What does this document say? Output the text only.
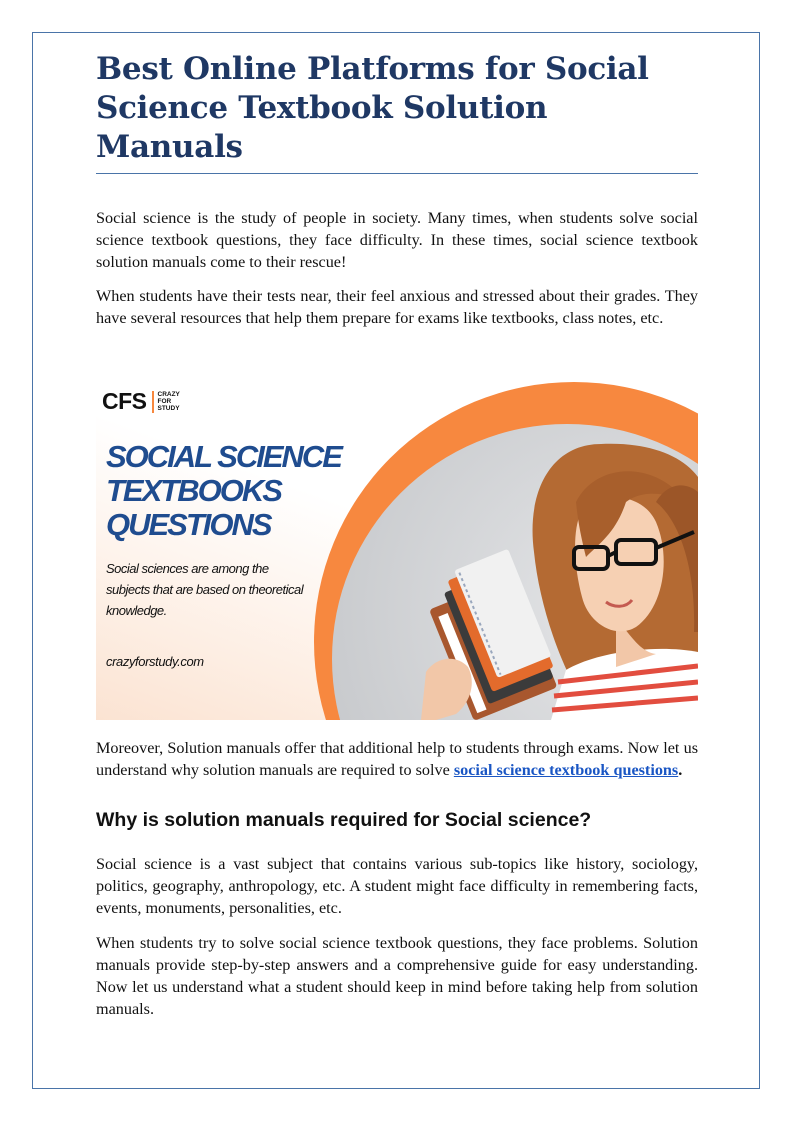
Best Online Platforms for Social Science Textbook Solution Manuals

Social science is the study of people in society. Many times, when students solve social science textbook questions, they face difficulty. In these times, social science textbook solution manuals come to their rescue!

When students have their tests near, their feel anxious and stressed about their grades. They have several resources that help them prepare for exams like textbooks, class notes, etc.

CFS CRAZY
FOR
STUDY
SOCIAL SCIENCE
TEXTBOOKS
QUESTIONS

Social sciences are among the
subjects that are based on theoretical
knowledge.

crazyforstudy.com

Moreover, Solution manuals offer that additional help to students through exams. Now let us understand why solution manuals are required to solve social science textbook questions.

Why is solution manuals required for Social science?

Social science is a vast subject that contains various sub-topics like history, sociology, politics, geography, anthropology, etc. A student might face difficulty in remembering facts, events, monuments, personalities, etc.

When students try to solve social science textbook questions, they face problems. Solution manuals provide step-by-step answers and a comprehensive guide for easy understanding. Now let us understand what a student should keep in mind before taking help from solution manuals.
